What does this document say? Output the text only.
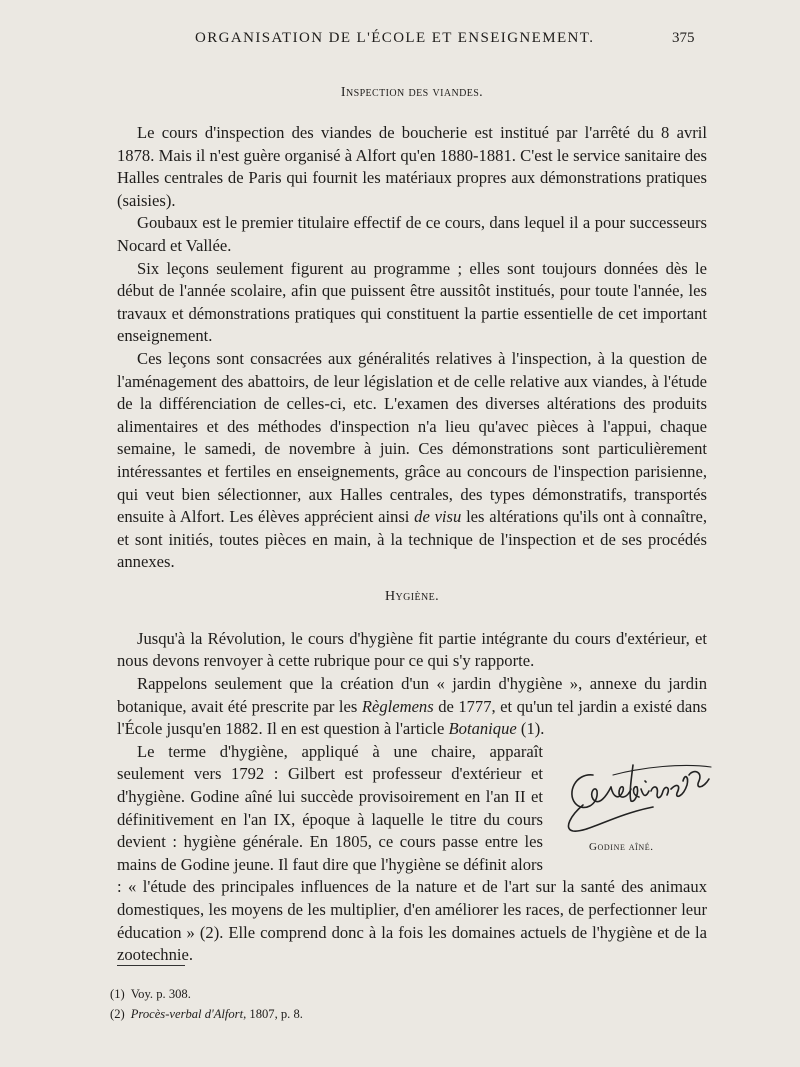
ORGANISATION DE L'ÉCOLE ET ENSEIGNEMENT.	375
Inspection des viandes.

Le cours d'inspection des viandes de boucherie est institué par l'arrêté du 8 avril 1878. Mais il n'est guère organisé à Alfort qu'en 1880-1881. C'est le service sanitaire des Halles centrales de Paris qui fournit les matériaux propres aux démonstrations pratiques (saisies).

Goubaux est le premier titulaire effectif de ce cours, dans lequel il a pour successeurs Nocard et Vallée.

Six leçons seulement figurent au programme ; elles sont toujours données dès le début de l'année scolaire, afin que puissent être aussitôt institués, pour toute l'année, les travaux et démonstrations pratiques qui constituent la partie essentielle de cet important enseignement.

Ces leçons sont consacrées aux généralités relatives à l'inspection, à la question de l'aménagement des abattoirs, de leur législation et de celle relative aux viandes, à l'étude de la différenciation de celles-ci, etc. L'examen des diverses altérations des produits alimentaires et des méthodes d'inspection n'a lieu qu'avec pièces à l'appui, chaque semaine, le samedi, de novembre à juin. Ces démonstrations sont particulièrement intéressantes et fertiles en enseignements, grâce au concours de l'inspection parisienne, qui veut bien sélectionner, aux Halles centrales, des types démonstratifs, transportés ensuite à Alfort. Les élèves apprécient ainsi de visu les altérations qu'ils ont à connaître, et sont initiés, toutes pièces en main, à la technique de l'inspection et de ses procédés annexes.

Hygiène.

Jusqu'à la Révolution, le cours d'hygiène fit partie intégrante du cours d'extérieur, et nous devons renvoyer à cette rubrique pour ce qui s'y rapporte.

Rappelons seulement que la création d'un « jardin d'hygiène », annexe du jardin botanique, avait été prescrite par les Règlemens de 1777, et qu'un tel jardin a existé dans l'École jusqu'en 1882. Il en est question à l'article Botanique (1).

Godine aîné.

Le terme d'hygiène, appliqué à une chaire, apparaît seulement vers 1792 : Gilbert est professeur d'extérieur et d'hygiène. Godine aîné lui succède provisoirement en l'an II et définitivement en l'an IX, époque à laquelle le titre du cours devient : hygiène générale. En 1805, ce cours passe entre les mains de Godine jeune. Il faut dire que l'hygiène se définit alors : « l'étude des principales influences de la nature et de l'art sur la santé des animaux domestiques, les moyens de les multiplier, d'en améliorer les races, de perfectionner leur éducation » (2). Elle comprend donc à la fois les domaines actuels de l'hygiène et de la zootechnie.

(1) Voy. p. 308.
(2) Procès-verbal d'Alfort, 1807, p. 8.
